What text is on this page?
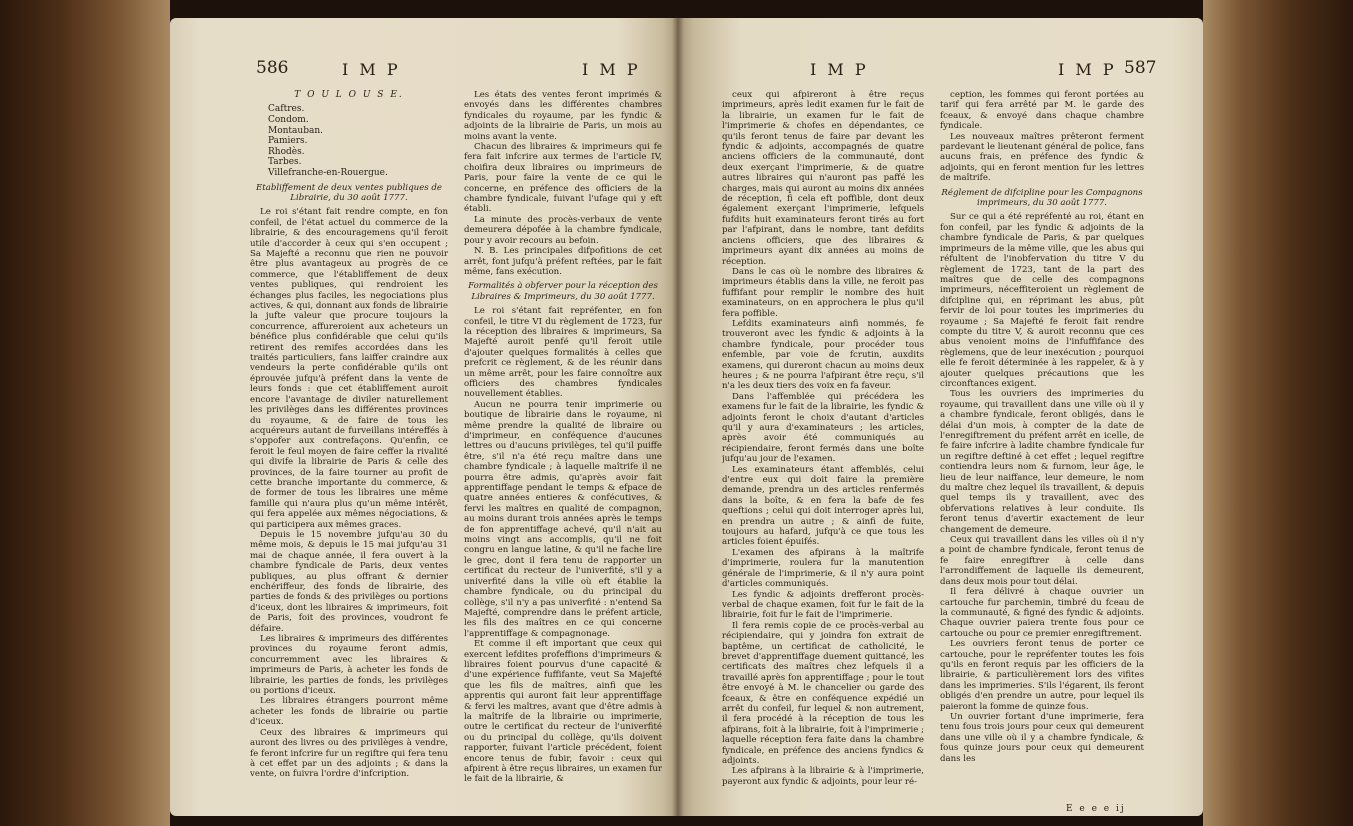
586	I M P	I M P

T O U L O U S E.

Caftres.

Condom.

Montauban.

Pamiers.

Rhodès.

Tarbes.

Villefranche-en-Rouergue.

Etabliffement de deux ventes publiques de Librairie, du 30 août 1777.

Le roi s'étant fait rendre compte, en fon confeil, de l'état actuel du commerce de la librairie, & des encouragemens qu'il feroit utile d'accorder à ceux qui s'en occupent ; Sa Majefté a reconnu que rien ne pouvoir être plus avantageux au progrès de ce commerce, que l'établiffement de deux ventes publiques, qui rendroient les échanges plus faciles, les negociations plus actives, & qui, donnant aux fonds de librairie la jufte valeur que procure toujours la concurrence, affureroient aux acheteurs un bénéfice plus confidérable que celui qu'ils retirent des remifes accordées dans les traités particuliers, fans laiffer craindre aux vendeurs la perte confidérable qu'ils ont éprouvée jufqu'à préfent dans la vente de leurs fonds : que cet établiffement auroit encore l'avantage de diviler naturellement les privilèges dans les différentes provinces du royaume, & de faire de tous les acquéreurs autant de furveillans intéreffés à s'oppofer aux contrefaçons. Qu'enfin, ce feroit le feul moyen de faire ceffer la rivalité qui divife la librairie de Paris & celle des provinces, de la faire tourner au profit de cette branche importante du commerce, & de former de tous les libraires une même famille qui n'aura plus qu'un même intérêt, qui fera appelée aux mêmes négociations, & qui participera aux mêmes graces.

Depuis le 15 novembre jufqu'au 30 du même mois, & depuis le 15 mai jufqu'au 31 mai de chaque année, il fera ouvert à la chambre fyndicale de Paris, deux ventes publiques, au plus offrant & dernier enchériffeur, des fonds de librairie, des parties de fonds & des privilèges ou portions d'iceux, dont les libraires & imprimeurs, foit de Paris, foit des provinces, voudront fe défaire.

Les libraires & imprimeurs des différentes provinces du royaume feront admis, concurremment avec les libraires & imprimeurs de Paris, à acheter les fonds de librairie, les parties de fonds, les privilèges ou portions d'iceux.

Les libraires étrangers pourront même acheter les fonds de librairie ou partie d'iceux.

Ceux des libraires & imprimeurs qui auront des livres ou des privilèges à vendre, fe feront infcrire fur un regiftre qui fera tenu à cet effet par un des adjoints ; & dans la vente, on fuivra l'ordre d'infcription.

Les états des ventes feront imprimés & envoyés dans les différentes chambres fyndicales du royaume, par les fyndic & adjoints de la librairie de Paris, un mois au moins avant la vente.

Chacun des libraires & imprimeurs qui fe fera fait infcrire aux termes de l'article IV, choifira deux libraires ou imprimeurs de Paris, pour faire la vente de ce qui le concerne, en préfence des officiers de la chambre fyndicale, fuivant l'ufage qui y eft établi.

La minute des procès-verbaux de vente demeurera dépofée à la chambre fyndicale, pour y avoir recours au befoin.

N. B. Les principales difpofitions de cet arrêt, font jufqu'à préfent reftées, par le fait même, fans exécution.

Formalités à obferver pour la réception des Libraires & Imprimeurs, du 30 août 1777.

Le roi s'étant fait repréfenter, en fon confeil, le titre VI du règlement de 1723, fur la réception des libraires & imprimeurs, Sa Majefté auroit penfé qu'il feroit utile d'ajouter quelques formalités à celles que prefcrit ce règlement, & de les réunir dans un même arrêt, pour les faire connoître aux officiers des chambres fyndicales nouvellement établies.

Aucun ne pourra tenir imprimerie ou boutique de librairie dans le royaume, ni même prendre la qualité de libraire ou d'imprimeur, en conféquence d'aucunes lettres ou d'aucuns privilèges, tel qu'il puiffe être, s'il n'a été reçu maître dans une chambre fyndicale ; à laquelle maîtrife il ne pourra être admis, qu'après avoir fait apprentiffage pendant le temps & efpace de quatre années entieres & confécutives, & fervi les maîtres en qualité de compagnon, au moins durant trois années après le temps de fon apprentiffage achevé, qu'il n'ait au moins vingt ans accomplis, qu'il ne foit congru en langue latine, & qu'il ne fache lire le grec, dont il fera tenu de rapporter un certificat du recteur de l'univerfité, s'il y a univerfité dans la ville où eft établie la chambre fyndicale, ou du principal du collège, s'il n'y a pas univerfité : n'entend Sa Majefté, comprendre dans le préfent article, les fils des maîtres en ce qui concerne l'apprentiffage & compagnonage.

Et comme il eft important que ceux qui exercent lefdites profeffions d'imprimeurs & libraires foient pourvus d'une capacité & d'une expérience fuffifante, veut Sa Majefté que les fils de maîtres, ainfi que les apprentis qui auront fait leur apprentiffage & fervi les maîtres, avant que d'être admis à la maîtrife de la librairie ou imprimerie, outre le certificat du recteur de l'univerfité ou du principal du collège, qu'ils doivent rapporter, fuivant l'article précédent, foient encore tenus de fubir, favoir : ceux qui afpirent à être reçus libraires, un examen fur le fait de la librairie, &

I M P	I M P 587

ceux qui afpireront à être reçus imprimeurs, après ledit examen fur le fait de la librairie, un examen fur le fait de l'imprimerie & chofes en dépendantes, ce qu'ils feront tenus de faire par devant les fyndic & adjoints, accompagnés de quatre anciens officiers de la communauté, dont deux exerçant l'imprimerie, & de quatre autres libraires qui n'auront pas paffé les charges, mais qui auront au moins dix années de réception, fi cela eft poffible, dont deux également exerçant l'imprimerie, lefquels fufdits huit examinateurs feront tirés au fort par l'afpirant, dans le nombre, tant defdits anciens officiers, que des libraires & imprimeurs ayant dix années au moins de réception.

Dans le cas où le nombre des libraires & imprimeurs établis dans la ville, ne feroit pas fuffifant pour remplir le nombre des huit examinateurs, on en approchera le plus qu'il fera poffible.

Lefdits examinateurs ainfi nommés, fe trouveront avec les fyndic & adjoints à la chambre fyndicale, pour procéder tous enfemble, par voie de fcrutin, auxdits examens, qui dureront chacun au moins deux heures ; & ne pourra l'afpirant être reçu, s'il n'a les deux tiers des voix en fa faveur.

Dans l'affemblée qui précédera les examens fur le fait de la librairie, les fyndic & adjoints feront le choix d'autant d'articles qu'il y aura d'examinateurs ; les articles, après avoir été communiqués au récipiendaire, feront fermés dans une boîte jufqu'au jour de l'examen.

Les examinateurs étant affemblés, celui d'entre eux qui doit faire la première demande, prendra un des articles renfermés dans la boîte, & en fera la bafe de fes queftions ; celui qui doit interroger après lui, en prendra un autre ; & ainfi de fuite, toujours au hafard, jufqu'à ce que tous les articles foient épuifés.

L'examen des afpirans à la maîtrife d'imprimerie, roulera fur la manutention générale de l'imprimerie, & il n'y aura point d'articles communiqués.

Les fyndic & adjoints drefferont procès-verbal de chaque examen, foit fur le fait de la librairie, foit fur le fait de l'imprimerie.

Il fera remis copie de ce procès-verbal au récipiendaire, qui y joindra fon extrait de baptême, un certificat de catholicité, le brevet d'apprentiffage duement quittancé, les certificats des maîtres chez lefquels il a travaillé après fon apprentiffage ; pour le tout être envoyé à M. le chancelier ou garde des fceaux, & être en conféquence expédié un arrêt du confeil, fur lequel & non autrement, il fera procédé à la réception de tous les afpirans, foit à la librairie, foit à l'imprimerie ; laquelle réception fera faite dans la chambre fyndicale, en préfence des anciens fyndics & adjoints.

Les afpirans à la librairie & à l'imprimerie, payeront aux fyndic & adjoints, pour leur ré-

ception, les fommes qui feront portées au tarif qui fera arrêté par M. le garde des fceaux, & envoyé dans chaque chambre fyndicale.

Les nouveaux maîtres prêteront ferment pardevant le lieutenant général de police, fans aucuns frais, en préfence des fyndic & adjoints, qui en feront mention fur les lettres de maîtrife.

Réglement de difcipline pour les Compagnons imprimeurs, du 30 août 1777.

Sur ce qui a été repréfenté au roi, étant en fon confeil, par les fyndic & adjoints de la chambre fyndicale de Paris, & par quelques imprimeurs de la même ville, que les abus qui réfultent de l'inobfervation du titre V du règlement de 1723, tant de la part des maîtres que de celle des compagnons imprimeurs, néceffiteroient un règlement de difcipline qui, en réprimant les abus, pût fervir de loi pour toutes les imprimeries du royaume ; Sa Majefté fe feroit fait rendre compte du titre V, & auroit reconnu que ces abus venoient moins de l'infuffifance des règlemens, que de leur inexécution ; pourquoi elle fe feroit déterminée à les rappeler, & à y ajouter quelques précautions que les circonftances exigent.

Tous les ouvriers des imprimeries du royaume, qui travaillent dans une ville où il y a chambre fyndicale, feront obligés, dans le délai d'un mois, à compter de la date de l'enregiftrement du préfent arrêt en icelle, de fe faire infcrire à ladite chambre fyndicale fur un regiftre deftiné à cet effet ; lequel regiftre contiendra leurs nom & furnom, leur âge, le lieu de leur naiffance, leur demeure, le nom du maître chez lequel ils travaillent, & depuis quel temps ils y travaillent, avec des obfervations relatives à leur conduite. Ils feront tenus d'avertir exactement de leur changement de demeure.

Ceux qui travaillent dans les villes où il n'y a point de chambre fyndicale, feront tenus de fe faire enregiftrer à celle dans l'arrondiffement de laquelle ils demeurent, dans deux mois pour tout délai.

Il fera délivré à chaque ouvrier un cartouche fur parchemin, timbré du fceau de la communauté, & figné des fyndic & adjoints. Chaque ouvrier paiera trente fous pour ce cartouche ou pour ce premier enregiftrement.

Les ouvriers feront tenus de porter ce cartouche, pour le repréfenter toutes les fois qu'ils en feront requis par les officiers de la librairie, & particulièrement lors des vifites dans les imprimeries. S'ils l'égarent, ils feront obligés d'en prendre un autre, pour lequel ils paieront la fomme de quinze fous.

Un ouvrier fortant d'une imprimerie, fera tenu fous trois jours pour ceux qui demeurent dans une ville où il y a chambre fyndicale, & fous quinze jours pour ceux qui demeurent dans les

E e e e ij
